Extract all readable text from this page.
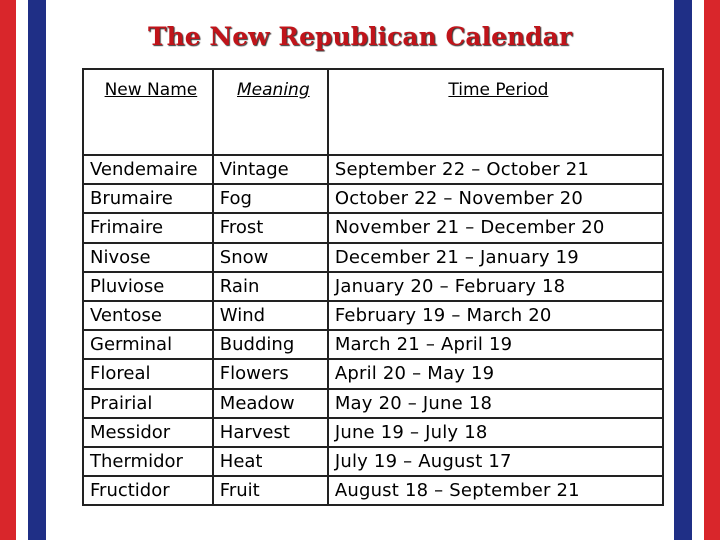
The New Republican Calendar
New Name	Meaning	Time Period
Vendemaire	Vintage	September 22 – October 21
Brumaire	Fog	October 22 – November 20
Frimaire	Frost	November 21 – December 20
Nivose	Snow	December 21 – January 19
Pluviose	Rain	January 20 – February 18
Ventose	Wind	February 19 – March 20
Germinal	Budding	March 21 – April 19
Floreal	Flowers	April 20 – May 19
Prairial	Meadow	May 20 – June 18
Messidor	Harvest	June 19 – July 18
Thermidor	Heat	July 19 – August 17
Fructidor	Fruit	August 18 – September 21
